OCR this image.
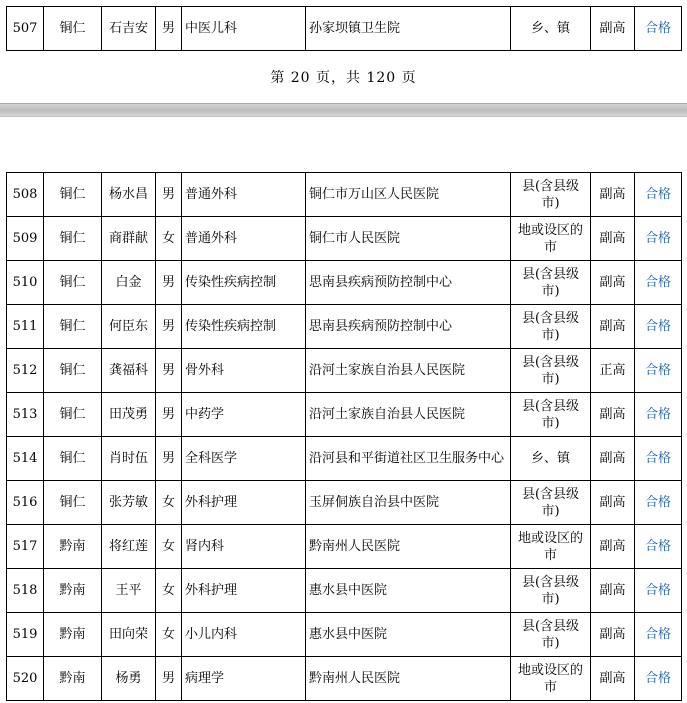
507	铜仁	石吉安	男	中医儿科	孙家坝镇卫生院	乡、镇	副高	合格
第 20 页，共 120 页
508	铜仁	杨水昌	男	普通外科	铜仁市万山区人民医院	县(含县级市)	副高	合格
509	铜仁	商群献	女	普通外科	铜仁市人民医院	地或设区的市	副高	合格
510	铜仁	白金	男	传染性疾病控制	思南县疾病预防控制中心	县(含县级市)	副高	合格
511	铜仁	何臣东	男	传染性疾病控制	思南县疾病预防控制中心	县(含县级市)	副高	合格
512	铜仁	龚福科	男	骨外科	沿河土家族自治县人民医院	县(含县级市)	正高	合格
513	铜仁	田茂勇	男	中药学	沿河土家族自治县人民医院	县(含县级市)	副高	合格
514	铜仁	肖时伍	男	全科医学	沿河县和平街道社区卫生服务中心	乡、镇	副高	合格
516	铜仁	张芳敏	女	外科护理	玉屏侗族自治县中医院	县(含县级市)	副高	合格
517	黔南	将红莲	女	肾内科	黔南州人民医院	地或设区的市	副高	合格
518	黔南	王平	女	外科护理	惠水县中医院	县(含县级市)	副高	合格
519	黔南	田向荣	女	小儿内科	惠水县中医院	县(含县级市)	副高	合格
520	黔南	杨勇	男	病理学	黔南州人民医院	地或设区的市	副高	合格
